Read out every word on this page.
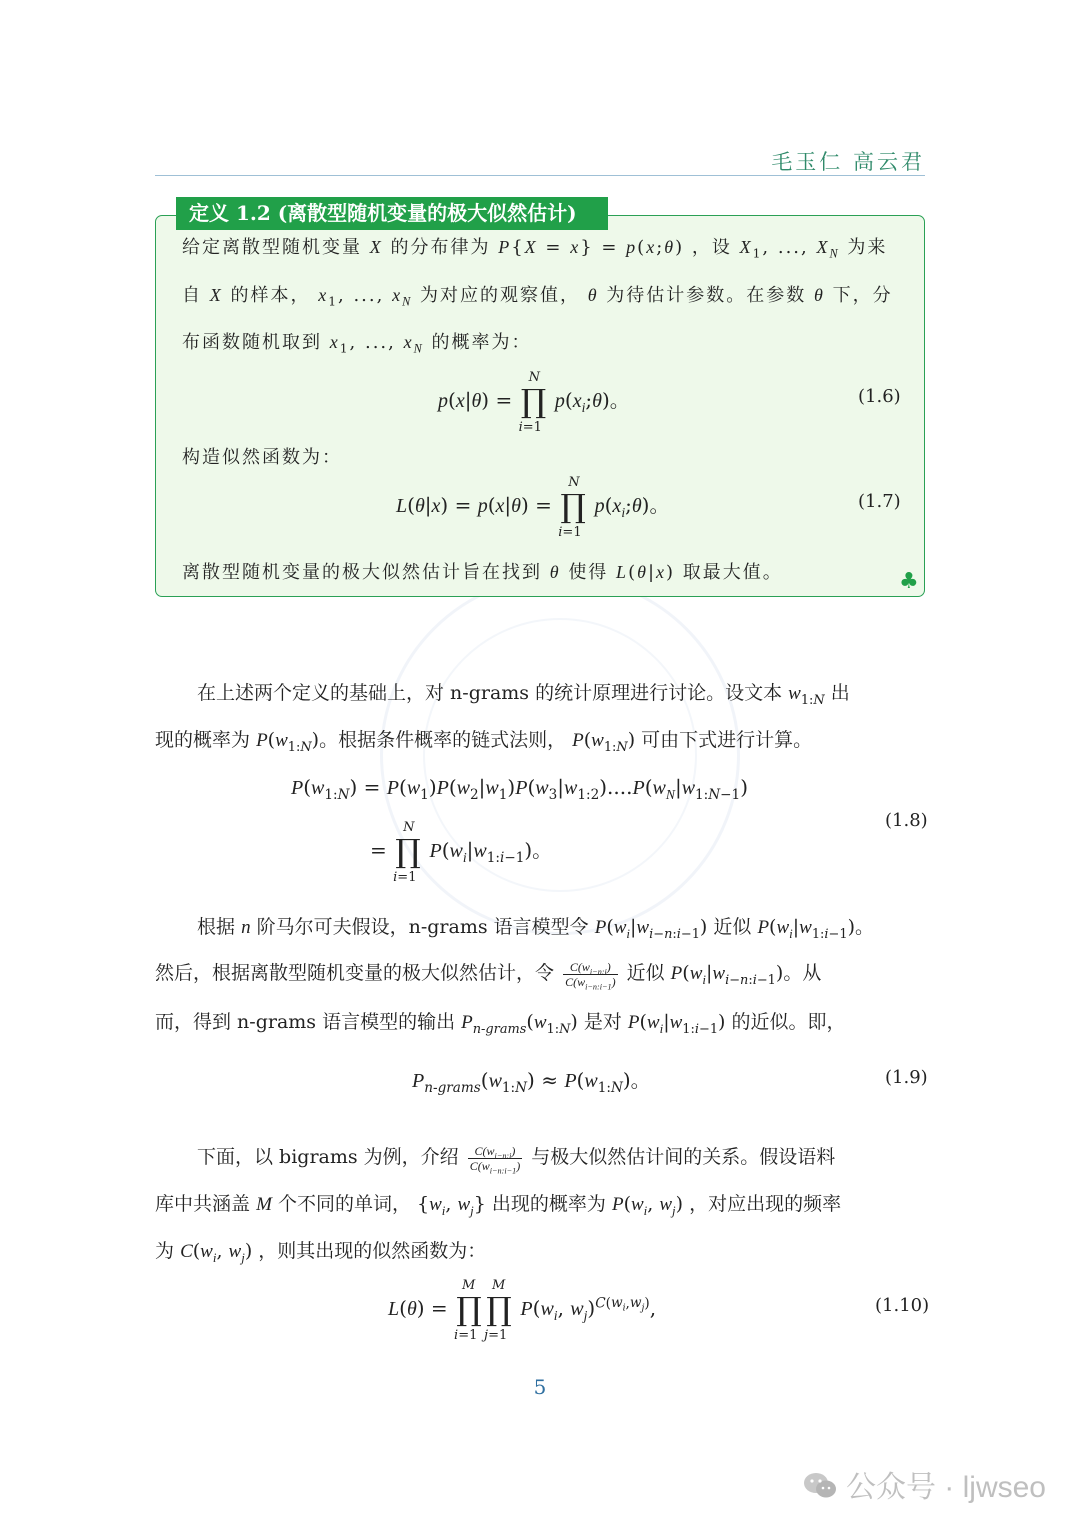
毛玉仁 高云君
定义 1.2 (离散型随机变量的极大似然估计)
给定离散型随机变量 X 的分布律为 P{X = x} = p(x;θ) ，设 $X_1$, ..., $X_N$ 为来
自 X 的样本， $x_1$, ..., $x_N$ 为对应的观察值， θ 为待估计参数。在参数 θ 下，分
布函数随机取到 $x_1$, ..., $x_N$ 的概率为：
p(x|θ) = ∏
N
i=1
$p(x_i;\theta)$。	(1.6)
构造似然函数为：
L(θ|x) = p(x|θ) = ∏
N
i=1
$p(x_i;\theta)$。	(1.7)
离散型随机变量的极大似然估计旨在找到 θ 使得 L(θ|x) 取最大值。	♣
在上述两个定义的基础上，对 n-grams 的统计原理进行讨论。设文本 $w_{1:N}$ 出
现的概率为 $P(w_{1:N})$。根据条件概率的链式法则， $P(w_{1:N})$ 可由下式进行计算。
$P(w_{1:N}) = P(w_1)P(w_2|w_1)P(w_3|w_{1:2})....P(w_N|w_{1:N-1})$
= ∏
N
i=1
$P(w_i|w_{1:i-1})$。
(1.8)
根据 n 阶马尔可夫假设，n-grams 语言模型令 $P(w_i|w_{i-n:i-1})$ 近似 $P(w_i|w_{1:i-1})$。
然后，根据离散型随机变量的极大似然估计，令 $\frac{C(w_{i-n:i})}{C(w_{i-n:i-1})}$ 近似 $P(w_i|w_{i-n:i-1})$。从
而，得到 n-grams 语言模型的输出 $P_{n-grams}(w_{1:N})$ 是对 $P(w_i|w_{1:i-1})$ 的近似。即，
$P_{n-grams}(w_{1:N}) \approx P(w_{1:N})$。	(1.9)
下面，以 bigrams 为例，介绍 $\frac{C(w_{i-n:i})}{C(w_{i-n:i-1})}$ 与极大似然估计间的关系。假设语料
库中共涵盖 M 个不同的单词， {$w_i$, $w_j$} 出现的概率为 $P(w_i$, $w_j$) ，对应出现的频率
为 $C(w_i$, $w_j$) ，则其出现的似然函数为：
L(θ) = ∏
M
i=1
∏
M
j=1
$P(w_i$, $w_j)^{C(w_i,w_j)}$,	(1.10)
5
公众号 · ljwseo
